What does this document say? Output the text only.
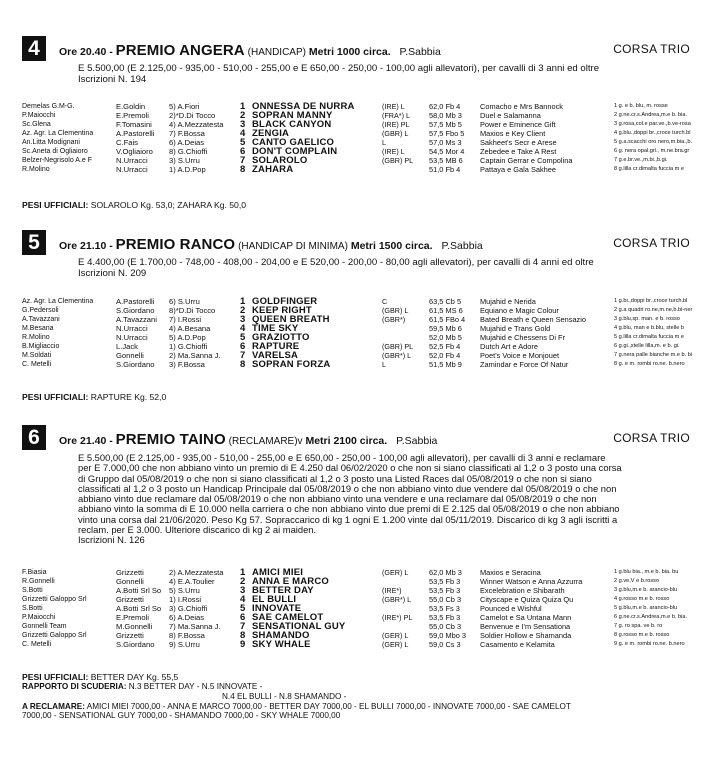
4	Ore 20.40 - PREMIO ANGERA (HANDICAP) Metri 1000 circa. P.Sabbia	CORSA TRIO
E 5.500,00 (E 2.125,00 - 935,00 - 510,00 - 255,00 e E 650,00 - 250,00 - 100,00 agli allevatori), per cavalli di 3 anni ed oltre
Iscrizioni N. 194
Demelas G.M-G.	E.Goldin	5) A.Fiori	1 ONNESSA DE NURRA	(IRE) L	62,0 Fb 4	Comacho e Mrs Bannock	1 g. e b. blu, m. rosse
P.Maiocchi	E.Premoli	2)*D.Di Tocco	2 SOPRAN MANNY	(FRA*) L	58,0 Mb 3	Duel e Salamanna	2 g.ne.cr.s.Andrea,m.e b. bia.
Sc.Glena	F.Tomasini	4) A.Mezzatesta	3 BLACK CANYON	(IRE) PL	57,5 Mb 5	Power e Eminence Gift	3 g.rosa,col.e par.ve.,b.ve-rosa
Az. Agr. La Clementina	A.Pastorelli	7) F.Bossa	4 ZENGIA	(GBR) L	57,5 Fbo 5	Maxios e Key Client	4 g.blu.,doppi br.,croce turch.bl
An.Litta Modignani	C.Fais	6) A.Deias	5 CANTO GAELICO	L	57,0 Ms 3	Sakheet's Secr e Arese	5 g.a.scacchi oro nero,m.bia.,b.
Sc.Aneta di Ogliaioro	V.Ogliaioro	8) G.Chioffi	6 DON'T COMPLAIN	(IRE) L	54,5 Mor 4	Zebedee e Take A Rest	6 g. nera opal.gri., m.ne.bra.gr
Belzer-Negrisolo A.e F	N.Urracci	3) S.Urru	7 SOLAROLO	(GBR) PL	53,5 MB 6	Captain Gerrar e Compolina	7 g.e.br.ve.,m.bi.,b.gi.
R.Molino	N.Urracci	1) A.D.Pop	8 ZAHARA	51,0 Fb 4	Pattaya e Gala Sakhee	8 g.lilla cr.dimalta fuccia m e
PESI UFFICIALI: SOLAROLO Kg. 53,0; ZAHARA Kg. 50,0
5	Ore 21.10 - PREMIO RANCO (HANDICAP DI MINIMA) Metri 1500 circa. P.Sabbia	CORSA TRIO
E 4.400,00 (E 1.700,00 - 748,00 - 408,00 - 204,00 e E 520,00 - 200,00 - 80,00 agli allevatori), per cavalli di 4 anni ed oltre
Iscrizioni N. 209
Az. Agr. La Clementina	A.Pastorelli	6) S.Urru	1 GOLDFINGER	C	63,5 Cb 5	Mujahid e Nerida	1 g.bi.,doppi br.,croce turch.bl
G.Pedersoli	S.Giordano	8)*D.Di Tocco	2 KEEP RIGHT	(GBR) L	61,5 MS 6	Equiano e Magic Colour	2 g.a quadri ro.ne,m.ne,b.bi-ner
A.Tavazzani	A.Tavazzani	7) I.Rossi	3 QUEEN BREATH	(GBR*)	61,5 FBo 4	Bated Breath e Queen Sensazio	3 g.blu,sp. man. e b. rosso
M.Besana	N.Urracci	4) A.Besana	4 TIME SKY	59,5 Mb 6	Mujahid e Trans Gold	4 g.blu, man e b.blu, stelle b
R.Molino	N.Urracci	5) A.D.Pop	5 GRAZIOTTO	52,0 Mb 5	Mujahid e Chessens Di Fr	5 g.lilla cr.dimalta fuccia m e
B.Migliaccio	L.Jack	1) G.Chioffi	6 RAPTURE	(GBR) PL	52,5 Fb 4	Dutch Art e Adore	6 g.gi.,stelle lilla,m. e b. gi.
M.Soldati	Gonnelli	2) Ma.Sanna J.	7 VARELSA	(GBR*) L	52,0 Fb 4	Poet's Voice e Monjouet	7 g.nera palle bianche m.e b. bi
C. Metelli	S.Giordano	3) F.Bossa	8 SOPRAN FORZA	L	51,5 Mb 9	Zamindar e Force Of Natur	8 g. e m. rombi ro.ne. b.nero
PESI UFFICIALI: RAPTURE Kg. 52,0
6	Ore 21.40 - PREMIO TAINO (RECLAMARE)v Metri 2100 circa. P.Sabbia	CORSA TRIO
E 5.500,00 (E 2.125,00 - 935,00 - 510,00 - 255,00 e E 650,00 - 250,00 - 100,00 agli allevatori), per cavalli di 3 anni e reclamare
per E 7.000,00 che non abbiano vinto un premio di E 4.250 dal 06/02/2020 o che non si siano classificati al 1,2 o 3 posto una corsa
di Gruppo dal 05/08/2019 o che non si siano classificati al 1,2 o 3 posto una Listed Races dal 05/08/2019 o che non si siano
classificati al 1,2 o 3 posto un Handicap Principale dal 05/08/2019 o che non abbiano vinto due vendere dal 05/08/2019 o che non
abbiano vinto due reclamare dal 05/08/2019 o che non abbiano vinto una vendere e una reclamare dal 05/08/2019 o che non
abbiano vinto la somma di E 10.000 nella carriera o che non abbiano vinto due premi di E 2.125 dal 05/08/2019 o che non abbiano
vinto una corsa dal 21/06/2020. Peso Kg 57. Sopraccarico di kg 1 ogni E 1.200 vinte dal 05/11/2019. Discarico di kg 3 agli iscritti a
reclam. per E 3.000. Ulteriore discarico di kg 2 ai maiden.
Iscrizioni N. 126
F.Biasia	Grizzetti	2) A.Mezzatesta	1 AMICI MIEI	(GER) L	62,0 Mb 3	Maxios e Seracina	1 g.blu bia., m.e b. bia. bu
R.Gonnelli	Gonnelli	4) E.A.Toulier	2 ANNA E MARCO	53,5 Fb 3	Winner Watson e Anna Azzurra	2 g.ve,V e b.rosso
S.Botti	A.Botti Srl So	5) S.Urru	3 BETTER DAY	(IRE*)	53,5 Fb 3	Excelebration e Shibarath	3 g.blu,m.e b. arancio-blu
Grizzetti Galoppo Srl	Grizzetti	1) I.Rossi	4 EL BULLI	(GBR*) L	55,0 Cb 3	Cityscape e Quiza Quiza Qu	4 g.rosso m.e b. rosso
S.Botti	A.Botti Srl So	3) G.Chioffi	5 INNOVATE	53,5 Fs 3	Pounced e Wishful	5 g.blu,m.e b. arancio-blu
P.Maiocchi	E.Premoli	6) A.Deias	6 SAE CAMELOT	(IRE*) PL	53,5 Fb 3	Camelot e Sa Untana Mann	6 g.ne.cr.s.Andrea,m.e b. bia.
Gonnelli Team	M.Gonnelli	7) Ma.Sanna J.	7 SENSATIONAL GUY	55,0 Cb 3	Benvenue e I'm Sensationa	7 g. ro spa. ve b. ro
Grizzetti Galoppo Srl	Grizzetti	8) F.Bossa	8 SHAMANDO	(GER) L	59,0 Mbo 3	Soldier Hollow e Shamanda	8 g.rosso m.e b. rosso
C. Metelli	S.Giordano	9) S.Urru	9 SKY WHALE	(GER) L	59,0 Cs 3	Casamento e Kelamita	9 g. e m. rombi ro.ne. b.nero
PESI UFFICIALI: BETTER DAY Kg. 55,5
RAPPORTO DI SCUDERIA: N.3 BETTER DAY - N.5 INNOVATE -
N.4 EL BULLI - N.8 SHAMANDO -
A RECLAMARE: AMICI MIEI 7000,00 - ANNA E MARCO 7000,00 - BETTER DAY 7000,00 - EL BULLI 7000,00 - INNOVATE 7000,00 - SAE CAMELOT
7000,00 - SENSATIONAL GUY 7000,00 - SHAMANDO 7000,00 - SKY WHALE 7000,00
